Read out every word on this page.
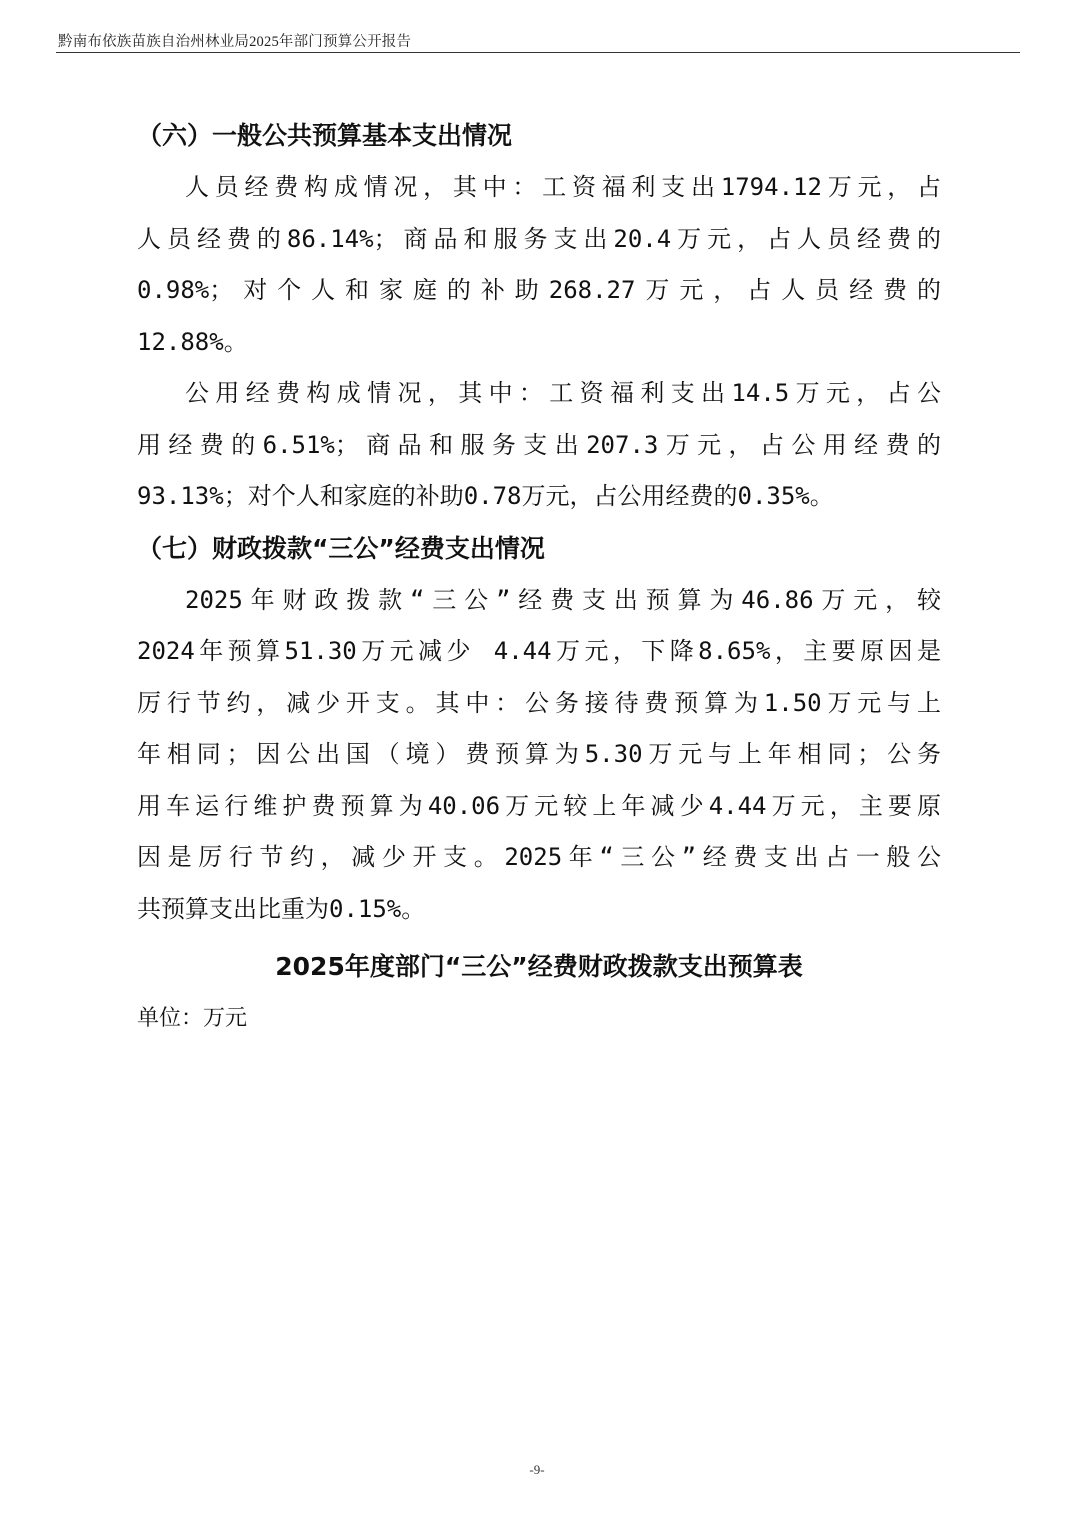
黔南布依族苗族自治州林业局2025年部门预算公开报告
（六）一般公共预算基本支出情况

人员经费构成情况，其中：工资福利支出1794.12万元，占
人员经费的86.14%；商品和服务支出20.4万元，占人员经费的
0.98%；对个人和家庭的补助268.27万元，占人员经费的
12.88%。

公用经费构成情况，其中：工资福利支出14.5万元，占公
用经费的6.51%；商品和服务支出207.3万元，占公用经费的
93.13%；对个人和家庭的补助0.78万元，占公用经费的0.35%。

（七）财政拨款“三公”经费支出情况

2025年财政拨款“三公”经费支出预算为46.86万元，较
2024年预算51.30万元减少 4.44万元，下降8.65%，主要原因是
厉行节约，减少开支。其中：公务接待费预算为1.50万元与上
年相同；因公出国（境）费预算为5.30万元与上年相同；公务
用车运行维护费预算为40.06万元较上年减少4.44万元，主要原
因是厉行节约，减少开支。2025年“三公”经费支出占一般公
共预算支出比重为0.15%。

2025年度部门“三公”经费财政拨款支出预算表

单位：万元

-9-
